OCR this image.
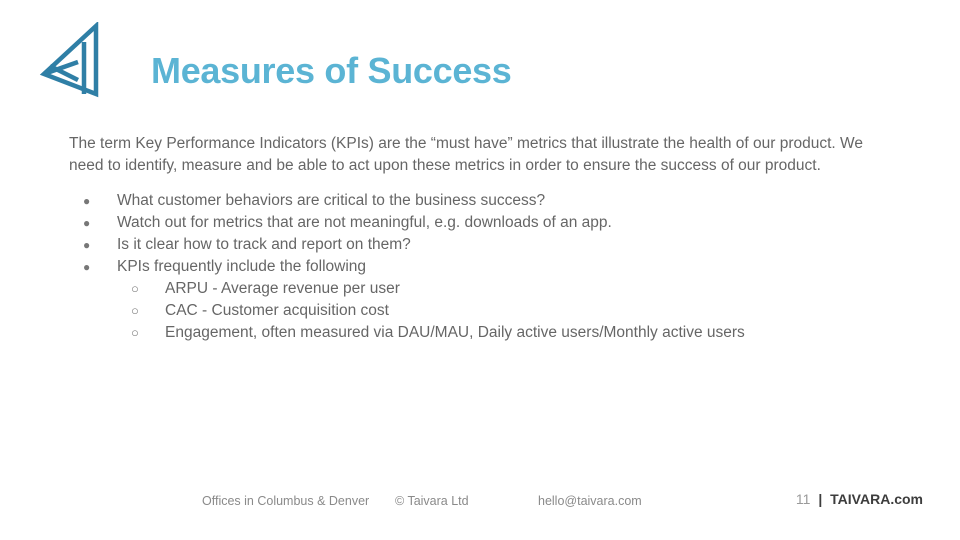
Measures of Success

The term Key Performance Indicators (KPIs) are the “must have” metrics that illustrate the health of our product. We need to identify, measure and be able to act upon these metrics in order to ensure the success of our product.

● What customer behaviors are critical to the business success?
● Watch out for metrics that are not meaningful, e.g. downloads of an app.
● Is it clear how to track and report on them?
● KPIs frequently include the following
○ ARPU - Average revenue per user
○ CAC - Customer acquisition cost
○ Engagement, often measured via DAU/MAU, Daily active users/Monthly active users
Offices in Columbus & Denver © Taivara Ltd	hello@taivara.com	11 | TAIVARA.com
